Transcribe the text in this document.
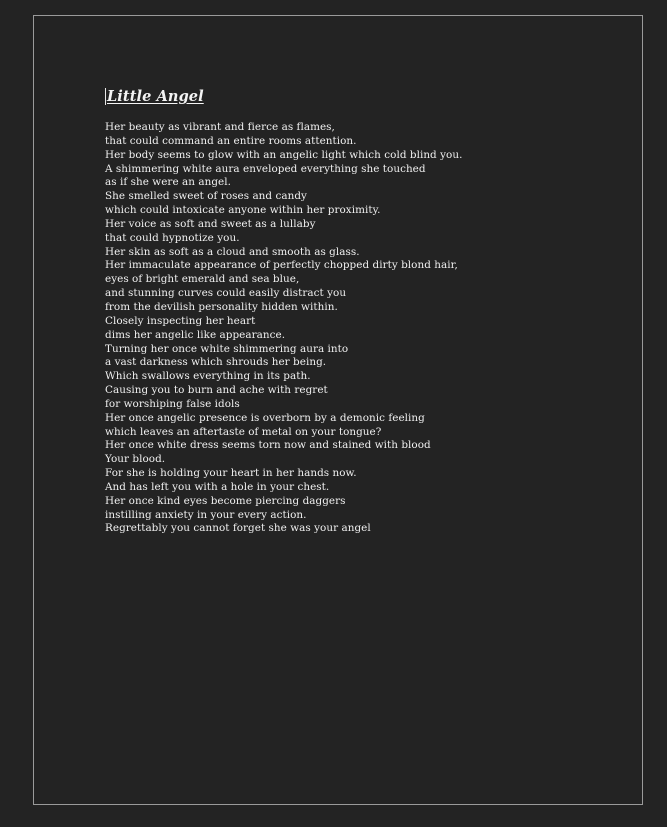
Little Angel
Her beauty as vibrant and fierce as flames,
that could command an entire rooms attention.
Her body seems to glow with an angelic light which cold blind you.
A shimmering white aura enveloped everything she touched
as if she were an angel.
She smelled sweet of roses and candy
which could intoxicate anyone within her proximity.
Her voice as soft and sweet as a lullaby
that could hypnotize you.
Her skin as soft as a cloud and smooth as glass.
Her immaculate appearance of perfectly chopped dirty blond hair,
eyes of bright emerald and sea blue,
and stunning curves could easily distract you
from the devilish personality hidden within.
Closely inspecting her heart
dims her angelic like appearance.
Turning her once white shimmering aura into
a vast darkness which shrouds her being.
Which swallows everything in its path.
Causing you to burn and ache with regret
for worshiping false idols
Her once angelic presence is overborn by a demonic feeling
which leaves an aftertaste of metal on your tongue?
Her once white dress seems torn now and stained with blood
Your blood.
For she is holding your heart in her hands now.
And has left you with a hole in your chest.
Her once kind eyes become piercing daggers
instilling anxiety in your every action.
Regrettably you cannot forget she was your angel
